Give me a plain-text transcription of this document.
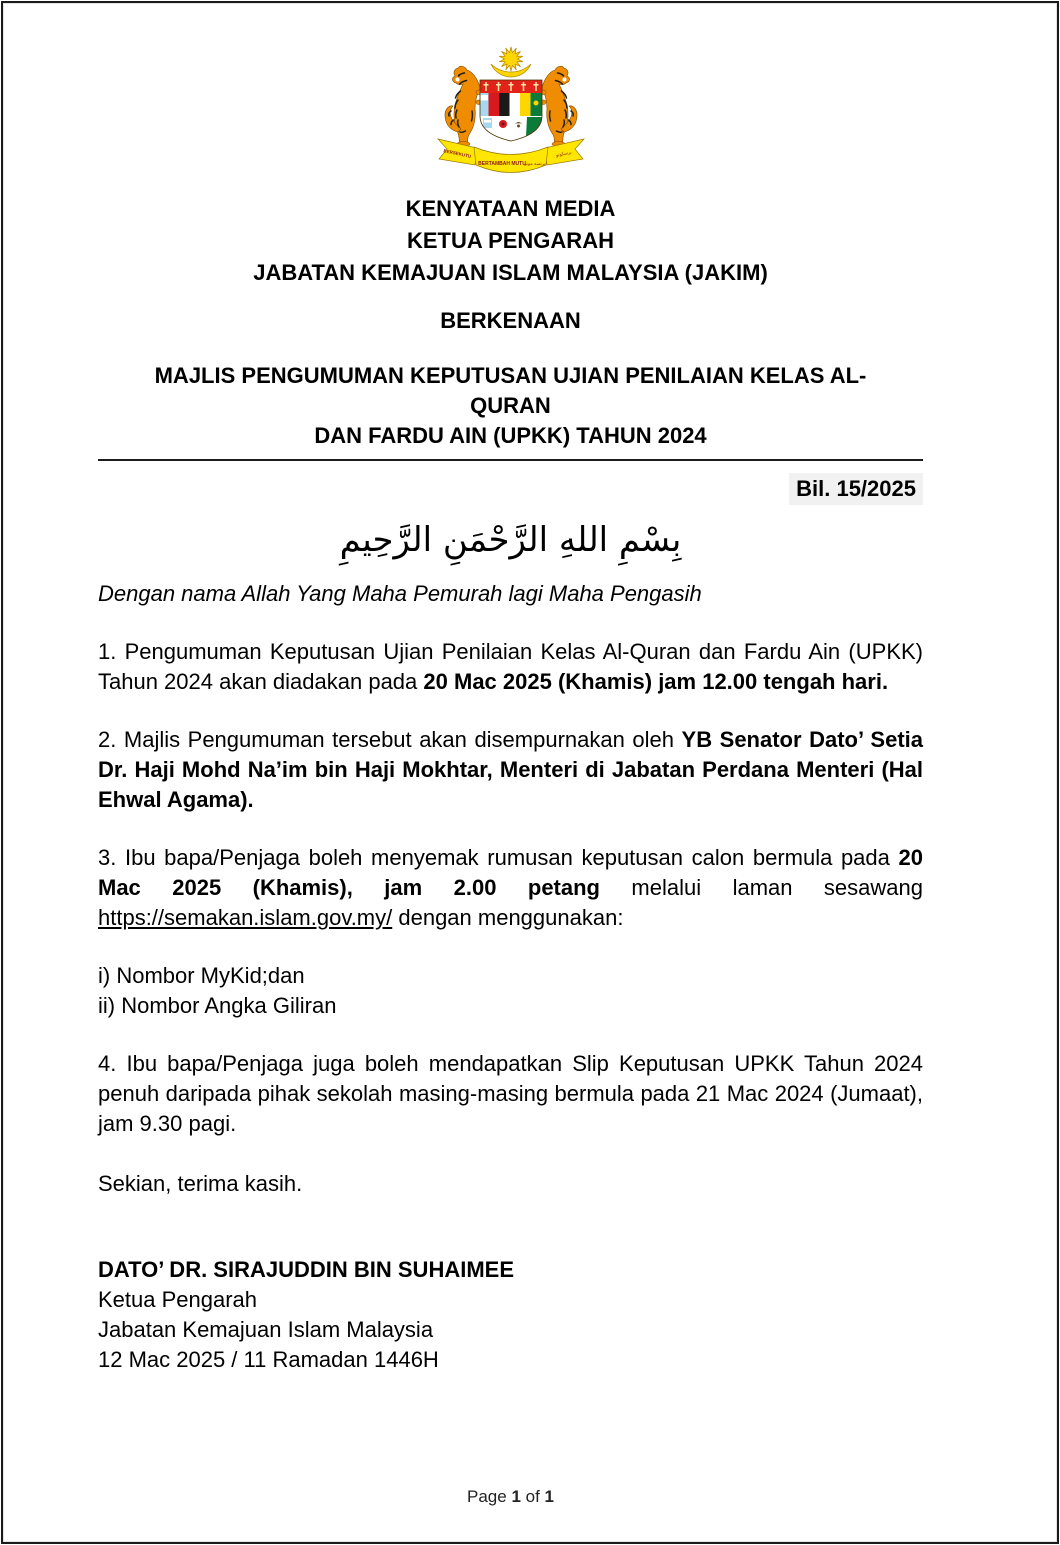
BERSEKUTU	برسکوتو
BERTAMBAH MUTU
برتمبه موتو
KENYATAAN MEDIA
KETUA PENGARAH
JABATAN KEMAJUAN ISLAM MALAYSIA (JAKIM)
BERKENAAN
MAJLIS PENGUMUMAN KEPUTUSAN UJIAN PENILAIAN KELAS AL-
QURAN
DAN FARDU AIN (UPKK) TAHUN 2024
Bil. 15/2025
بِسْمِ اللهِ الرَّحْمَنِ الرَّحِيمِ
Dengan nama Allah Yang Maha Pemurah lagi Maha Pengasih

1. Pengumuman Keputusan Ujian Penilaian Kelas Al-Quran dan Fardu Ain (UPKK) Tahun 2024 akan diadakan pada 20 Mac 2025 (Khamis) jam 12.00 tengah hari.

2. Majlis Pengumuman tersebut akan disempurnakan oleh YB Senator Dato’ Setia Dr. Haji Mohd Na’im bin Haji Mokhtar, Menteri di Jabatan Perdana Menteri (Hal Ehwal Agama).

3. Ibu bapa/Penjaga boleh menyemak rumusan keputusan calon bermula pada 20 Mac 2025 (Khamis), jam 2.00 petang melalui laman sesawang https://semakan.islam.gov.my/ dengan menggunakan:

i) Nombor MyKid;dan
ii) Nombor Angka Giliran

4. Ibu bapa/Penjaga juga boleh mendapatkan Slip Keputusan UPKK Tahun 2024 penuh daripada pihak sekolah masing-masing bermula pada 21 Mac 2024 (Jumaat), jam 9.30 pagi.

Sekian, terima kasih.
DATO’ DR. SIRAJUDDIN BIN SUHAIMEE
Ketua Pengarah
Jabatan Kemajuan Islam Malaysia
12 Mac 2025 / 11 Ramadan 1446H
Page 1 of 1
